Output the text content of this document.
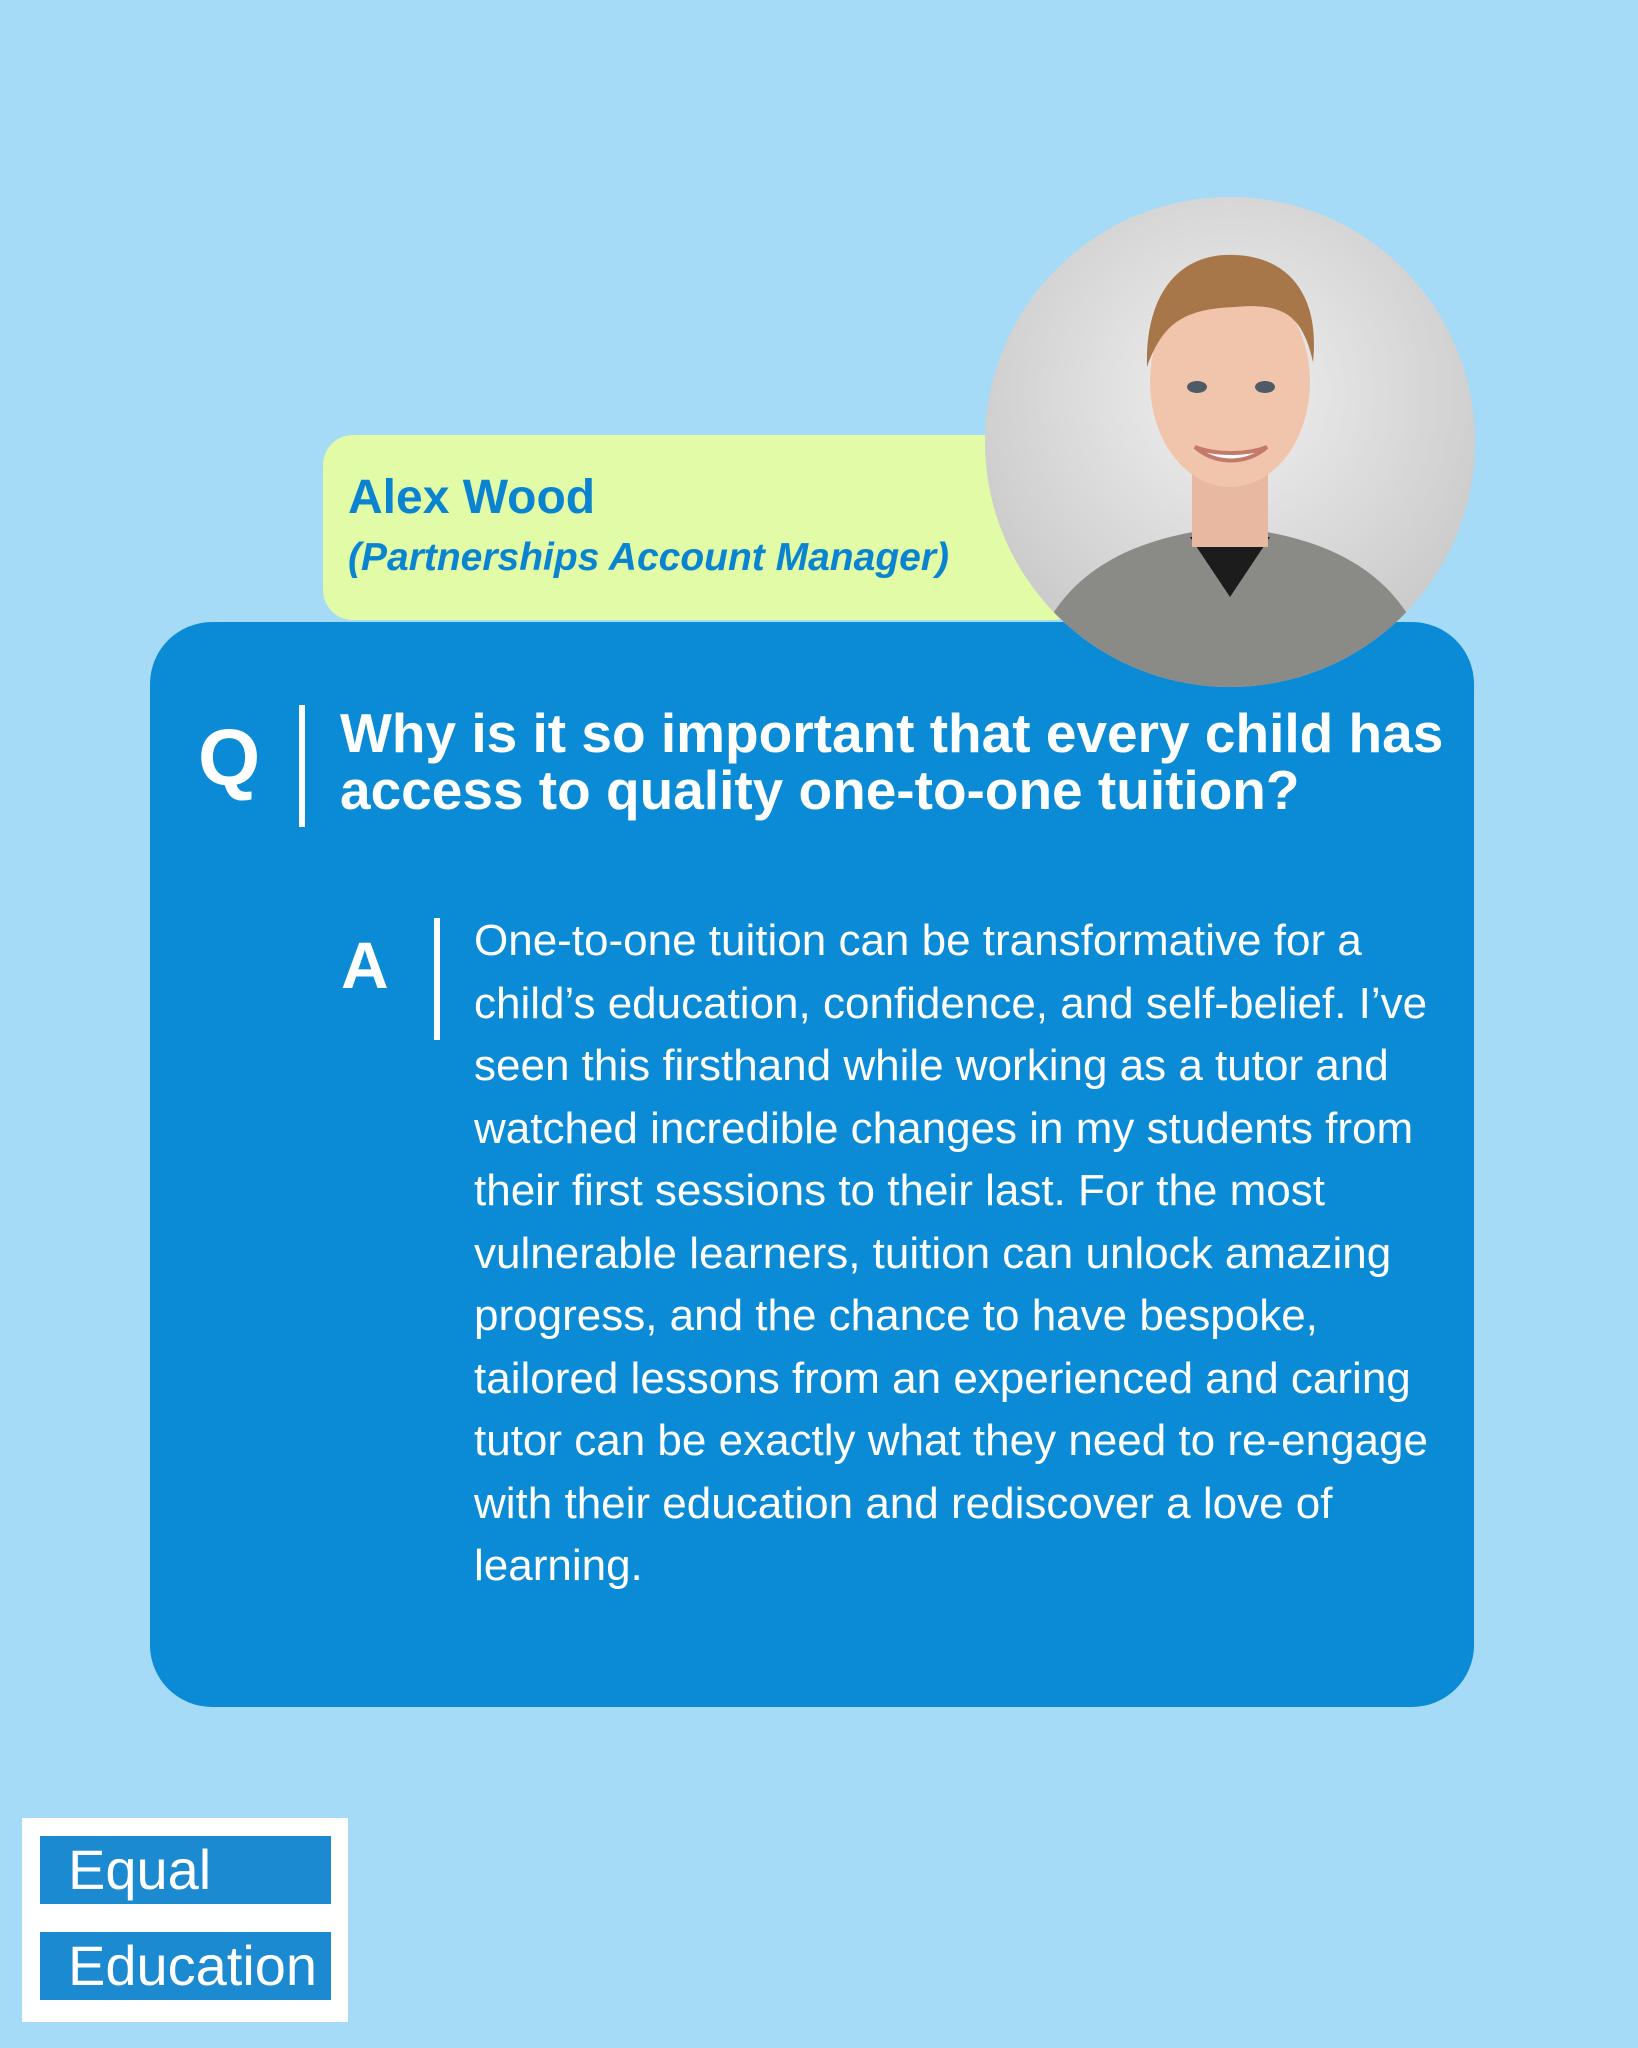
Alex Wood
(Partnerships Account Manager)
Q Why is it so important that every child has access to quality one-to-one tuition?

A One-to-one tuition can be transformative for a child’s education, confidence, and self-belief. I’ve seen this firsthand while working as a tutor and watched incredible changes in my students from their first sessions to their last. For the most vulnerable learners, tuition can unlock amazing progress, and the chance to have bespoke, tailored lessons from an experienced and caring tutor can be exactly what they need to re-engage with their education and rediscover a love of learning.

Equal
Education
